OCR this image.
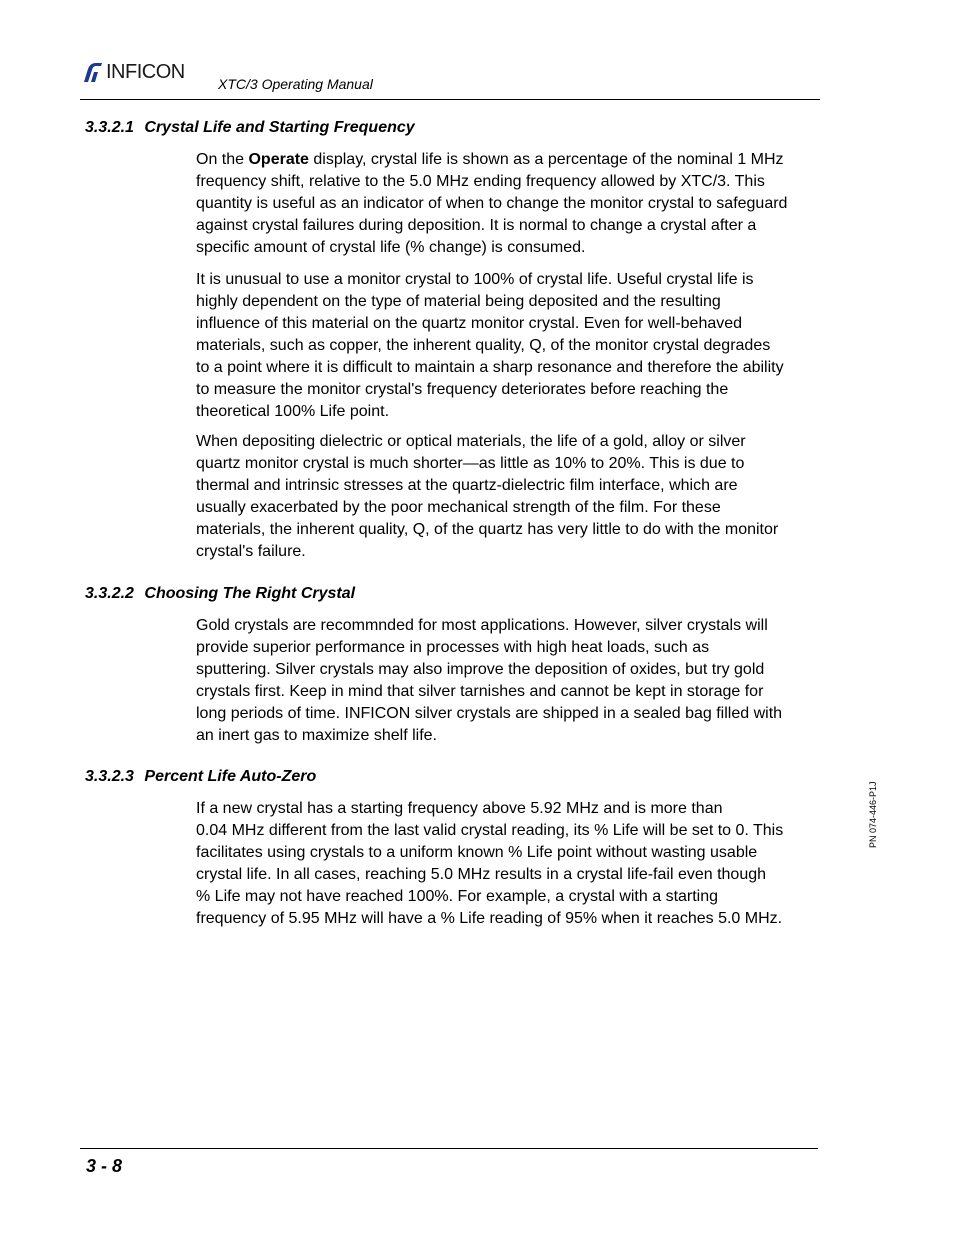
INFICON
XTC/3 Operating Manual
3.3.2.1 Crystal Life and Starting Frequency
On the Operate display, crystal life is shown as a percentage of the nominal 1 MHz
frequency shift, relative to the 5.0 MHz ending frequency allowed by XTC/3. This
quantity is useful as an indicator of when to change the monitor crystal to safeguard
against crystal failures during deposition. It is normal to change a crystal after a
specific amount of crystal life (% change) is consumed.
It is unusual to use a monitor crystal to 100% of crystal life. Useful crystal life is
highly dependent on the type of material being deposited and the resulting
influence of this material on the quartz monitor crystal. Even for well-behaved
materials, such as copper, the inherent quality, Q, of the monitor crystal degrades
to a point where it is difficult to maintain a sharp resonance and therefore the ability
to measure the monitor crystal's frequency deteriorates before reaching the
theoretical 100% Life point.
When depositing dielectric or optical materials, the life of a gold, alloy or silver
quartz monitor crystal is much shorter—as little as 10% to 20%. This is due to
thermal and intrinsic stresses at the quartz-dielectric film interface, which are
usually exacerbated by the poor mechanical strength of the film. For these
materials, the inherent quality, Q, of the quartz has very little to do with the monitor
crystal's failure.
3.3.2.2 Choosing The Right Crystal
Gold crystals are recommnded for most applications. However, silver crystals will
provide superior performance in processes with high heat loads, such as
sputtering. Silver crystals may also improve the deposition of oxides, but try gold
crystals first. Keep in mind that silver tarnishes and cannot be kept in storage for
long periods of time. INFICON silver crystals are shipped in a sealed bag filled with
an inert gas to maximize shelf life.
3.3.2.3 Percent Life Auto-Zero
If a new crystal has a starting frequency above 5.92 MHz and is more than
0.04 MHz different from the last valid crystal reading, its % Life will be set to 0. This
facilitates using crystals to a uniform known % Life point without wasting usable
crystal life. In all cases, reaching 5.0 MHz results in a crystal life-fail even though
% Life may not have reached 100%. For example, a crystal with a starting
frequency of 5.95 MHz will have a % Life reading of 95% when it reaches 5.0 MHz.
PN 074-446-P1J
3 - 8
